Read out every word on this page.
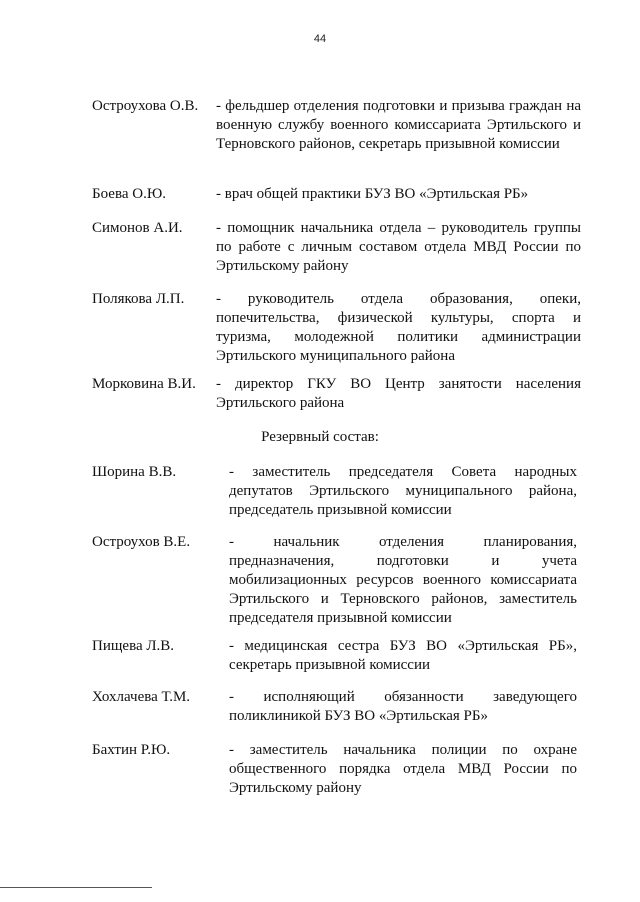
44
Остроухова О.В. - фельдшер отделения подготовки и призыва граждан на военную службу военного комиссариата Эртильского и Терновского районов, секретарь призывной комиссии
Боева О.Ю.	- врач общей практики БУЗ ВО «Эртильская РБ»
Симонов А.И. - помощник начальника отдела – руководитель группы по работе с личным составом отдела МВД России по Эртильскому району
Полякова Л.П. - руководитель отдела образования, опеки, попечительства, физической культуры, спорта и туризма, молодежной политики администрации Эртильского муниципального района
Морковина В.И. - директор ГКУ ВО Центр занятости населения Эртильского района
Резервный состав:
Шорина В.В.	- заместитель председателя Совета народных депутатов Эртильского муниципального района, председатель призывной комиссии
Остроухов В.Е.	- начальник отделения планирования, предназначения, подготовки и учета мобилизационных ресурсов военного комиссариата Эртильского и Терновского районов, заместитель председателя призывной комиссии
Пищева Л.В.	- медицинская сестра БУЗ ВО «Эртильская РБ», секретарь призывной комиссии
Хохлачева Т.М.	- исполняющий обязанности заведующего поликлиникой БУЗ ВО «Эртильская РБ»
Бахтин Р.Ю.	- заместитель начальника полиции по охране общественного порядка отдела МВД России по Эртильскому району
